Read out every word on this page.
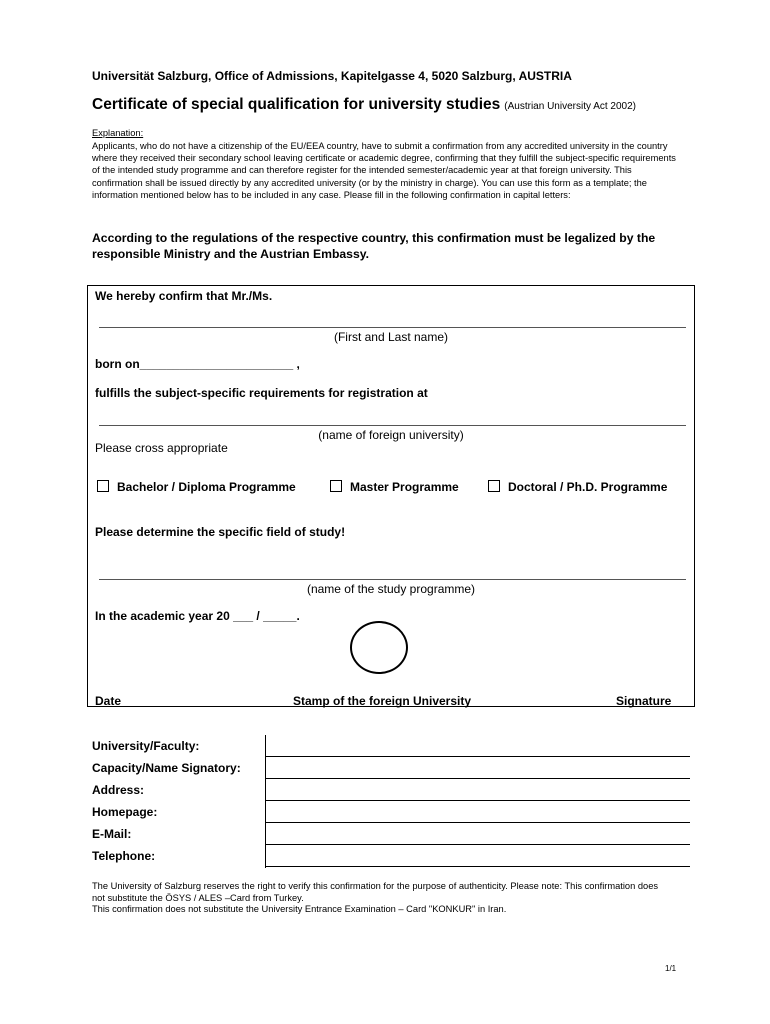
Universität Salzburg, Office of Admissions, Kapitelgasse 4, 5020 Salzburg, AUSTRIA
Certificate of special qualification for university studies (Austrian University Act 2002)
Explanation:
Applicants, who do not have a citizenship of the EU/EEA country, have to submit a confirmation from any accredited university in the country where they received their secondary school leaving certificate or academic degree, confirming that they fulfill the subject-specific requirements of the intended study programme and can therefore register for the intended semester/academic year at that foreign university. This confirmation shall be issued directly by any accredited university (or by the ministry in charge). You can use this form as a template; the information mentioned below has to be included in any case. Please fill in the following confirmation in capital letters:
According to the regulations of the respective country, this confirmation must be legalized by the responsible Ministry and the Austrian Embassy.
We hereby confirm that Mr./Ms.
(First and Last name)
born on_______________________ ,
fulfills the subject-specific requirements for registration at
(name of foreign university)
Please cross appropriate
Bachelor / Diploma Programme	Master Programme	Doctoral / Ph.D. Programme
Please determine the specific field of study!
(name of the study programme)
In the academic year 20 ___ / _____.
Date	Stamp of the foreign University	Signature
University/Faculty:
Capacity/Name Signatory:
Address:
Homepage:
E-Mail:
Telephone:
The University of Salzburg reserves the right to verify this confirmation for the purpose of authenticity. Please note: This confirmation does not substitute the ÖSYS / ALES –Card from Turkey.
This confirmation does not substitute the University Entrance Examination – Card "KONKUR" in Iran.
1/1
